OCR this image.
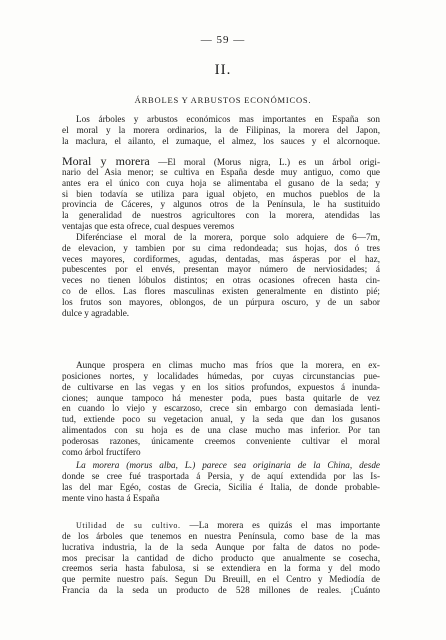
— 59 —
II.
ÁRBOLES Y ARBUSTOS ECONÓMICOS.
Los árboles y arbustos económicos mas importantes en España son
el moral y la morera ordinarios, la de Filipinas, la morera del Japon,
la maclura, el ailanto, el zumaque, el almez, los sauces y el alcornoque.
Moral y morera —El moral (Morus nigra, L.) es un árbol origi-
nario del Asia menor; se cultiva en España desde muy antiguo, como que
antes era el único con cuya hoja se alimentaba el gusano de la seda; y
si bien todavía se utiliza para igual objeto, en muchos pueblos de la
provincia de Cáceres, y algunos otros de la Península, le ha sustituido
la generalidad de nuestros agricultores con la morera, atendidas las
ventajas que esta ofrece, cual despues veremos
Diferénciase el moral de la morera, porque solo adquiere de 6—7m,
de elevacion, y tambien por su cima redondeada; sus hojas, dos ó tres
veces mayores, cordiformes, agudas, dentadas, mas ásperas por el haz,
pubescentes por el envés, presentan mayor número de nerviosidades; á
veces no tienen lóbulos distintos; en otras ocasiones ofrecen hasta cin-
co de ellos. Las flores masculinas existen generalmente en distinto pié;
los frutos son mayores, oblongos, de un púrpura oscuro, y de un sabor
dulce y agradable.
Aunque prospera en climas mucho mas fríos que la morera, en ex-
posiciones nortes, y localidades húmedas, por cuyas circunstancias pue-
de cultivarse en las vegas y en los sitios profundos, expuestos á inunda-
ciones; aunque tampoco há menester poda, pues basta quitarle de vez
en cuando lo viejo y escarzoso, crece sin embargo con demasiada lenti-
tud, extiende poco su vegetacion anual, y la seda que dan los gusanos
alimentados con su hoja es de una clase mucho mas inferior. Por tan
poderosas razones, únicamente creemos conveniente cultivar el moral
como árbol fructífero
La morera (morus alba, L.) parece sea originaria de la China, desde
donde se cree fué trasportada á Persia, y de aquí extendida por las Is-
las del mar Egéo, costas de Grecia, Sicilia é Italia, de donde probable-
mente vino hasta á España
Utilidad de su cultivo. —La morera es quizás el mas importante
de los árboles que tenemos en nuestra Península, como base de la mas
lucrativa industria, la de la seda Aunque por falta de datos no pode-
mos precisar la cantidad de dicho producto que anualmente se cosecha,
creemos seria hasta fabulosa, si se extendiera en la forma y del modo
que permite nuestro país. Segun Du Breuill, en el Centro y Mediodía de
Francia da la seda un producto de 528 millones de reales. ¡Cuánto
